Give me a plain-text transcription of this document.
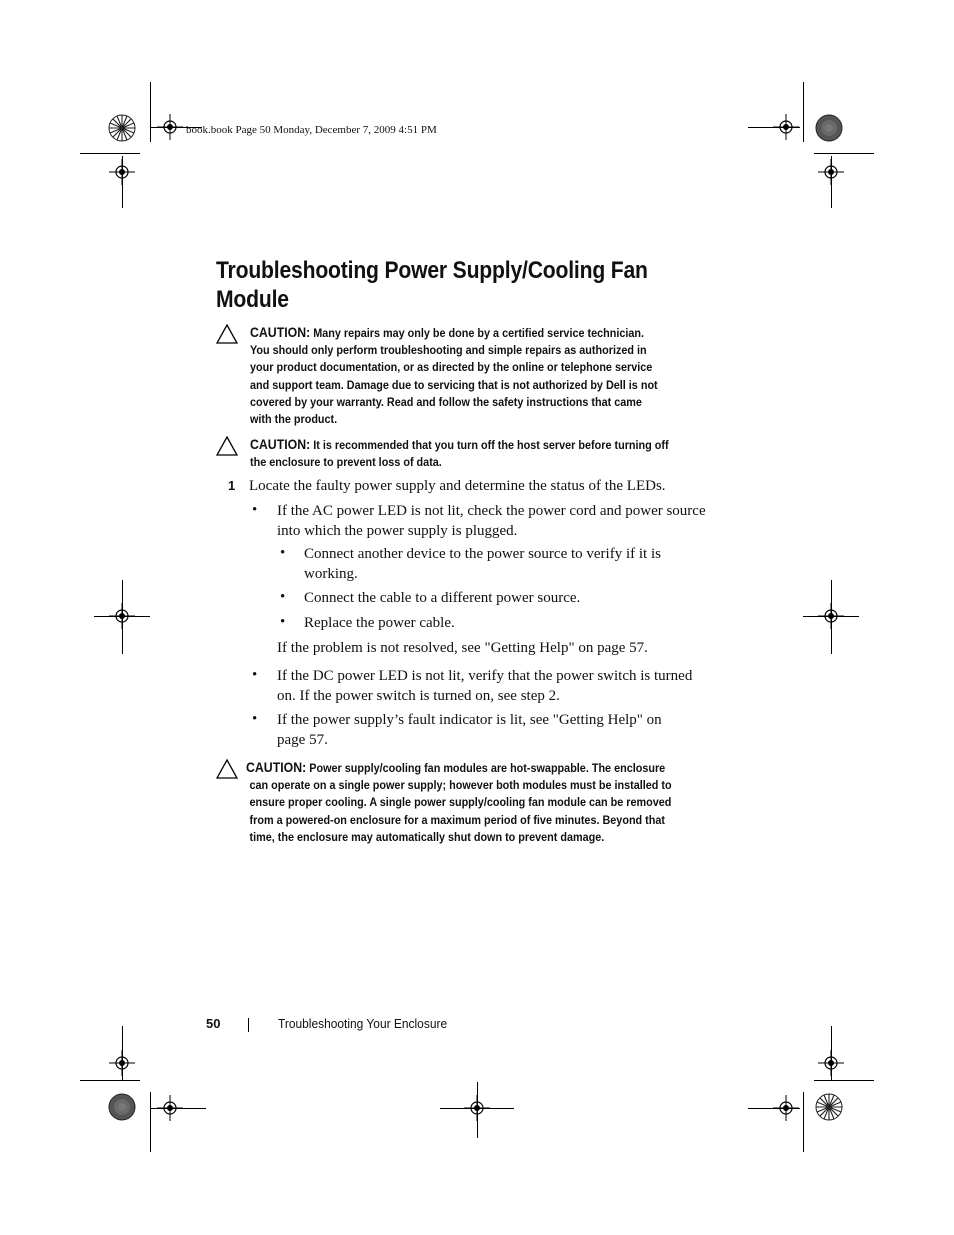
book.book Page 50 Monday, December 7, 2009 4:51 PM
Troubleshooting Power Supply/Cooling Fan
Module
CAUTION: Many repairs may only be done by a certified service technician.
You should only perform troubleshooting and simple repairs as authorized in
your product documentation, or as directed by the online or telephone service
and support team. Damage due to servicing that is not authorized by Dell is not
covered by your warranty. Read and follow the safety instructions that came
with the product.
CAUTION: It is recommended that you turn off the host server before turning off
the enclosure to prevent loss of data.
1 Locate the faulty power supply and determine the status of the LEDs.
• If the AC power LED is not lit, check the power cord and power source
into which the power supply is plugged.
• Connect another device to the power source to verify if it is
working.
• Connect the cable to a different power source.
• Replace the power cable.
If the problem is not resolved, see "Getting Help" on page 57.
• If the DC power LED is not lit, verify that the power switch is turned
on. If the power switch is turned on, see step 2.
• If the power supply’s fault indicator is lit, see "Getting Help" on
page 57.
CAUTION: Power supply/cooling fan modules are hot-swappable. The enclosure
can operate on a single power supply; however both modules must be installed to
ensure proper cooling. A single power supply/cooling fan module can be removed
from a powered-on enclosure for a maximum period of five minutes. Beyond that
time, the enclosure may automatically shut down to prevent damage.
50	Troubleshooting Your Enclosure
